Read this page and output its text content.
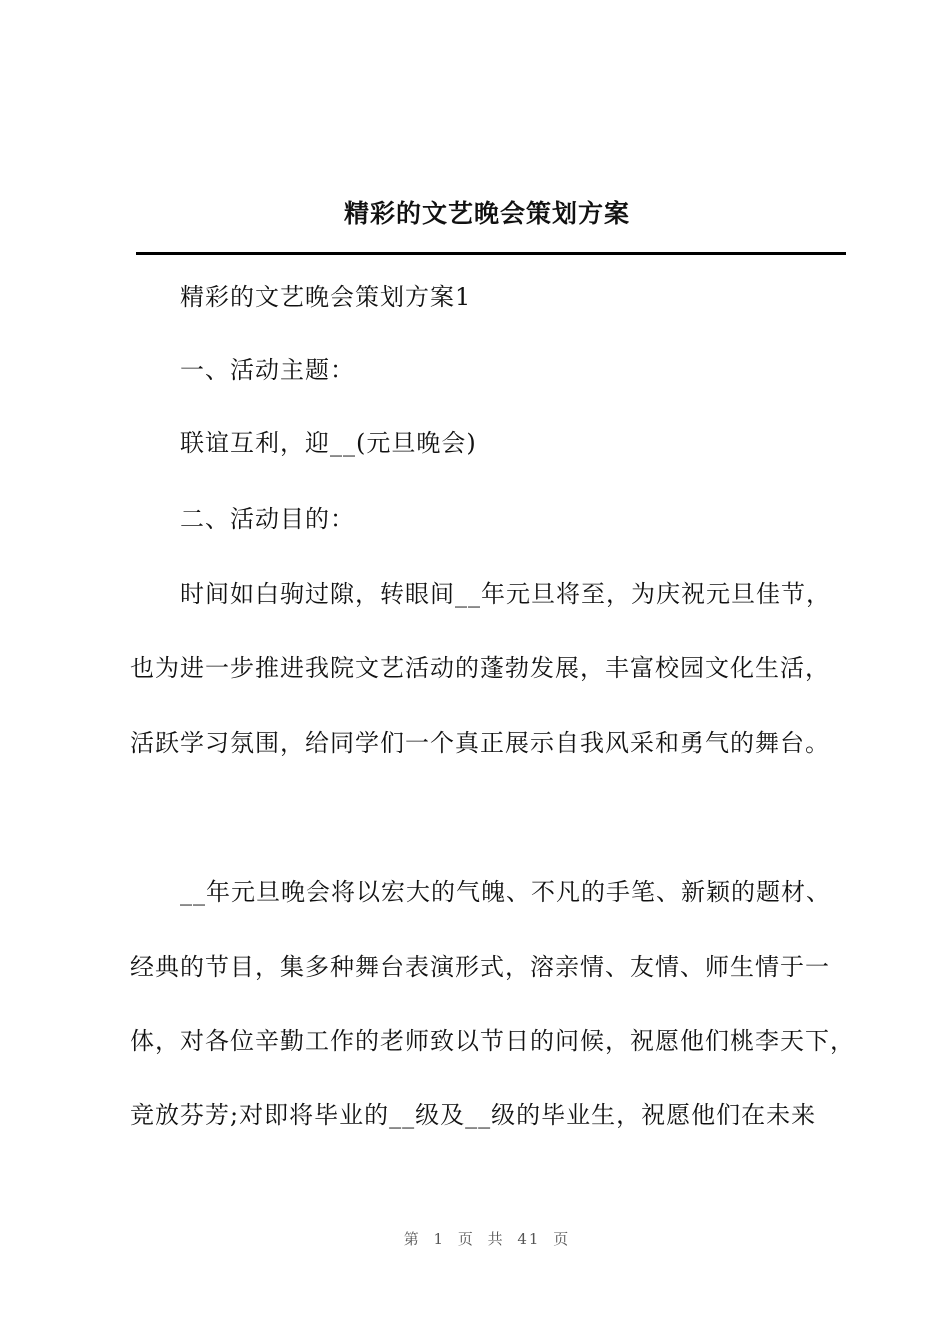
精彩的文艺晚会策划方案
精彩的文艺晚会策划方案1
一、活动主题：
联谊互利，迎__(元旦晚会)
二、活动目的：
时间如白驹过隙，转眼间__年元旦将至，为庆祝元旦佳节，
也为进一步推进我院文艺活动的蓬勃发展，丰富校园文化生活，
活跃学习氛围，给同学们一个真正展示自我风采和勇气的舞台。
__年元旦晚会将以宏大的气魄、不凡的手笔、新颖的题材、
经典的节目，集多种舞台表演形式，溶亲情、友情、师生情于一
体，对各位辛勤工作的老师致以节日的问候，祝愿他们桃李天下，
竞放芬芳;对即将毕业的__级及__级的毕业生，祝愿他们在未来
第 1 页 共 41 页
